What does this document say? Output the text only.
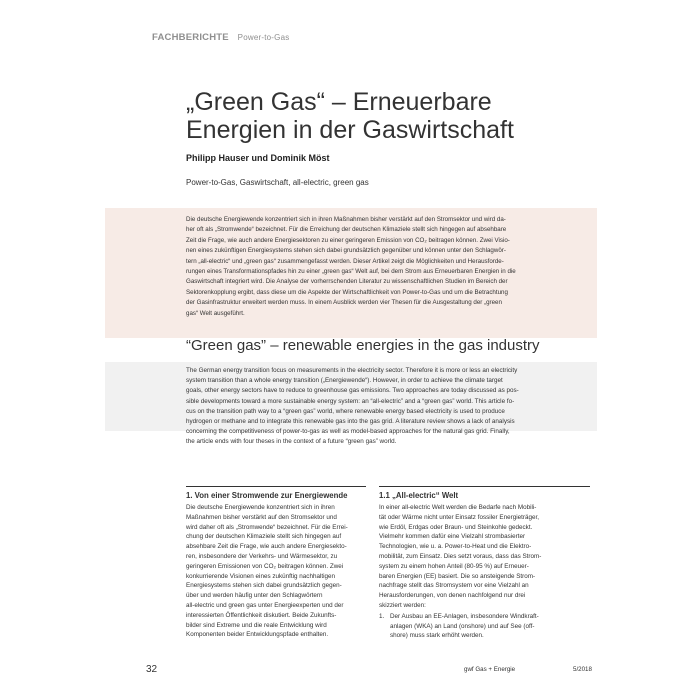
FACHBERICHTE Power-to-Gas
„Green Gas“ – Erneuerbare
Energien in der Gaswirtschaft
Philipp Hauser und Dominik Möst
Power-to-Gas, Gaswirtschaft, all-electric, green gas
Die deutsche Energiewende konzentriert sich in ihren Maßnahmen bisher verstärkt auf den Stromsektor und wird da-
her oft als „Stromwende“ bezeichnet. Für die Erreichung der deutschen Klimaziele stellt sich hingegen auf absehbare
Zeit die Frage, wie auch andere Energiesektoren zu einer geringeren Emission von CO₂ beitragen können. Zwei Visio-
nen eines zukünftigen Energiesystems stehen sich dabei grundsätzlich gegenüber und können unter den Schlagwör-
tern „all-electric“ und „green gas“ zusammengefasst werden. Dieser Artikel zeigt die Möglichkeiten und Herausforde-
rungen eines Transformationspfades hin zu einer „green gas“ Welt auf, bei dem Strom aus Erneuerbaren Energien in die
Gaswirtschaft integriert wird. Die Analyse der vorherrschenden Literatur zu wissenschaftlichen Studien im Bereich der
Sektorenkopplung ergibt, dass diese um die Aspekte der Wirtschaftlichkeit von Power-to-Gas und um die Betrachtung
der Gasinfrastruktur erweitert werden muss. In einem Ausblick werden vier Thesen für die Ausgestaltung der „green
gas“ Welt ausgeführt.
“Green gas” – renewable energies in the gas industry
The German energy transition focus on measurements in the electricity sector. Therefore it is more or less an electricity
system transition than a whole energy transition („Energiewende“). However, in order to achieve the climate target
goals, other energy sectors have to reduce to greenhouse gas emissions. Two approaches are today discussed as pos-
sible developments toward a more sustainable energy system: an “all-electric” and a “green gas” world. This article fo-
cus on the transition path way to a “green gas” world, where renewable energy based electricity is used to produce
hydrogen or methane and to integrate this renewable gas into the gas grid. A literature review shows a lack of analysis
concerning the competitiveness of power-to-gas as well as model-based approaches for the natural gas grid. Finally,
the article ends with four theses in the context of a future “green gas” world.
1. Von einer Stromwende zur Energiewende
Die deutsche Energiewende konzentriert sich in ihren
Maßnahmen bisher verstärkt auf den Stromsektor und
wird daher oft als „Stromwende“ bezeichnet. Für die Errei-
chung der deutschen Klimaziele stellt sich hingegen auf
absehbare Zeit die Frage, wie auch andere Energiesekto-
ren, insbesondere der Verkehrs- und Wärmesektor, zu
geringeren Emissionen von CO₂ beitragen können. Zwei
konkurrierende Visionen eines zukünftig nachhaltigen
Energiesystems stehen sich dabei grundsätzlich gegen-
über und werden häufig unter den Schlagwörtern
all-electric und green gas unter Energieexperten und der
interessierten Öffentlichkeit diskutiert. Beide Zukunfts-
bilder sind Extreme und die reale Entwicklung wird
Komponenten beider Entwicklungspfade enthalten.
1.1 „All-electric“ Welt
In einer all-electric Welt werden die Bedarfe nach Mobili-
tät oder Wärme nicht unter Einsatz fossiler Energieträger,
wie Erdöl, Erdgas oder Braun- und Steinkohle gedeckt.
Vielmehr kommen dafür eine Vielzahl strombasierter
Technologien, wie u. a. Power-to-Heat und die Elektro-
mobilität, zum Einsatz. Dies setzt voraus, dass das Strom-
system zu einem hohen Anteil (80-95 %) auf Erneuer-
baren Energien (EE) basiert. Die so ansteigende Strom-
nachfrage stellt das Stromsystem vor eine Vielzahl an
Herausforderungen, von denen nachfolgend nur drei
skizziert werden:
1. Der Ausbau an EE-Anlagen, insbesondere Windkraft-
anlagen (WKA) an Land (onshore) und auf See (off-
shore) muss stark erhöht werden.
32	gwf Gas + Energie	5/2018
